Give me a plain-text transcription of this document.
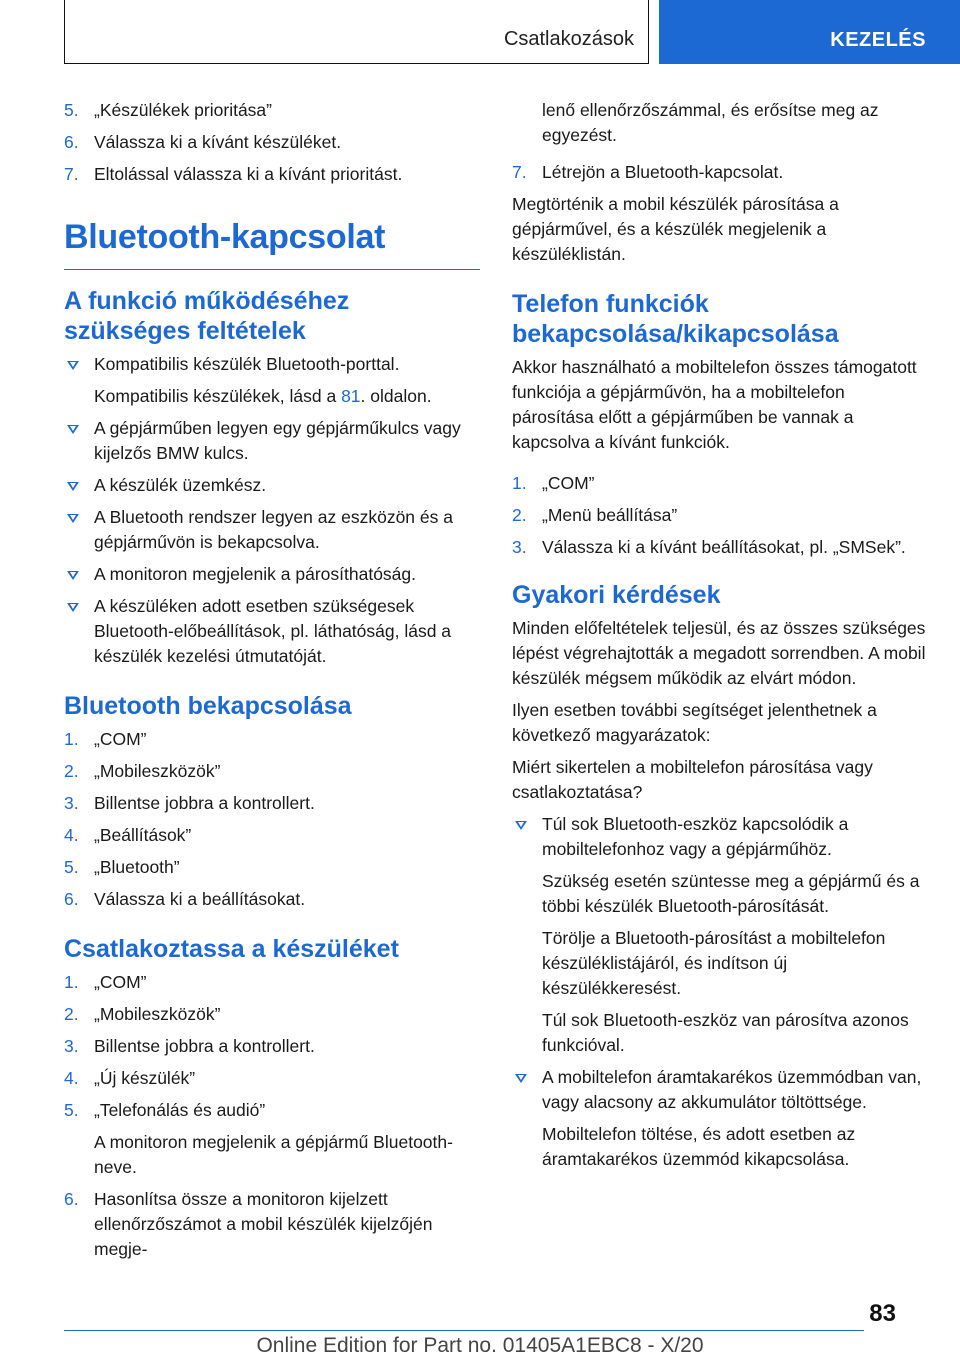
Csatlakozások	KEZELÉS
5. „Készülékek prioritása”
6. Válassza ki a kívánt készüléket.
7. Eltolással válassza ki a kívánt prioritást.
Bluetooth-kapcsolat
A funkció működéséhez szükséges feltételek
Kompatibilis készülék Bluetooth-porttal.
Kompatibilis készülékek, lásd a 81. oldalon.
A gépjárműben legyen egy gépjárműkulcs vagy kijelzős BMW kulcs.
A készülék üzemkész.
A Bluetooth rendszer legyen az eszközön és a gépjárművön is bekapcsolva.
A monitoron megjelenik a párosíthatóság.
A készüléken adott esetben szükségesek Bluetooth-előbeállítások, pl. láthatóság, lásd a készülék kezelési útmutatóját.
Bluetooth bekapcsolása
1. „COM”
2. „Mobileszközök”
3. Billentse jobbra a kontrollert.
4. „Beállítások”
5. „Bluetooth”
6. Válassza ki a beállításokat.
Csatlakoztassa a készüléket
1. „COM”
2. „Mobileszközök”
3. Billentse jobbra a kontrollert.
4. „Új készülék”
5. „Telefonálás és audió”
A monitoron megjelenik a gépjármű Bluetooth-neve.
6. Hasonlítsa össze a monitoron kijelzett ellenőrzőszámot a mobil készülék kijelzőjén megje-
lenő ellenőrzőszámmal, és erősítse meg az egyezést.
7. Létrejön a Bluetooth-kapcsolat.

Megtörténik a mobil készülék párosítása a gépjárművel, és a készülék megjelenik a készüléklistán.

Telefon funkciók bekapcsolása/kikapcsolása

Akkor használható a mobiltelefon összes támogatott funkciója a gépjárművön, ha a mobiltelefon párosítása előtt a gépjárműben be vannak a kapcsolva a kívánt funkciók.

1. „COM”
2. „Menü beállítása”
3. Válassza ki a kívánt beállításokat, pl. „SMSek”.
Gyakori kérdések

Minden előfeltételek teljesül, és az összes szükséges lépést végrehajtották a megadott sorrendben. A mobil készülék mégsem működik az elvárt módon.

Ilyen esetben további segítséget jelenthetnek a következő magyarázatok:

Miért sikertelen a mobiltelefon párosítása vagy csatlakoztatása?

Túl sok Bluetooth-eszköz kapcsolódik a mobiltelefonhoz vagy a gépjárműhöz.
Szükség esetén szüntesse meg a gépjármű és a többi készülék Bluetooth-párosítását.
Törölje a Bluetooth-párosítást a mobiltelefon készüléklistájáról, és indítson új készülékkeresést.
Túl sok Bluetooth-eszköz van párosítva azonos funkcióval.
A mobiltelefon áramtakarékos üzemmódban van, vagy alacsony az akkumulátor töltöttsége.
Mobiltelefon töltése, és adott esetben az áramtakarékos üzemmód kikapcsolása.
83
Online Edition for Part no. 01405A1EBC8 - X/20
